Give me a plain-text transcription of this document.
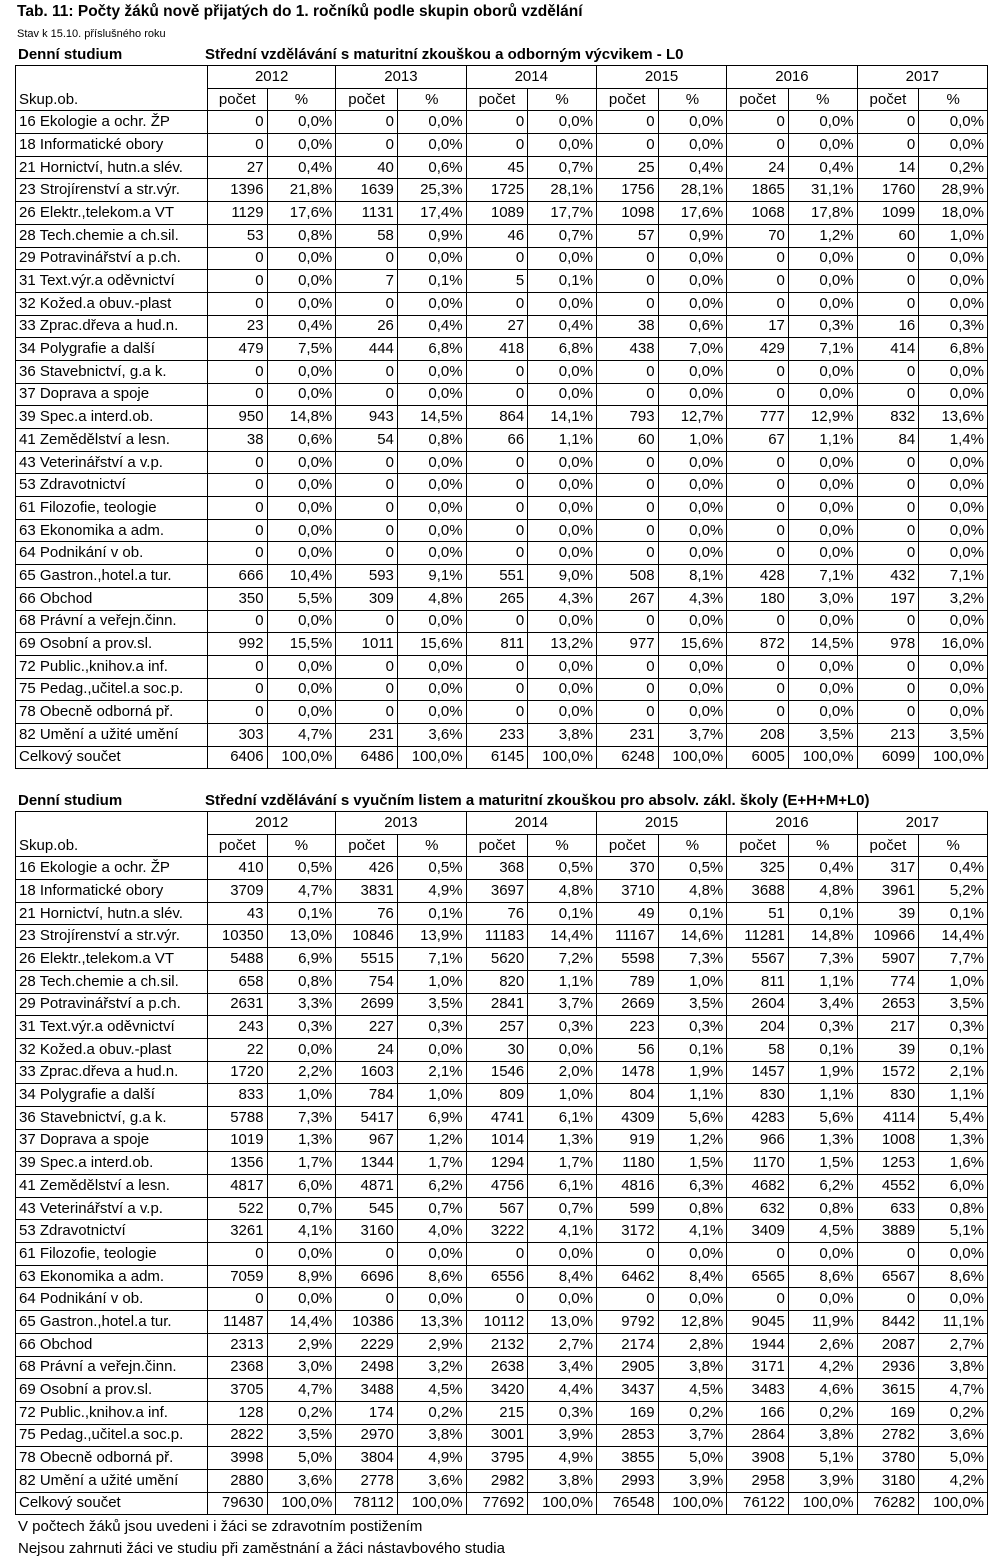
Tab. 11: Počty žáků nově přijatých do 1. ročníků podle skupin oborů vzdělání
Stav k 15.10. příslušného roku
Denní studium	Střední vzdělávání s maturitní zkouškou a odborným výcvikem - L0
Skup.ob.	2012		2013		2014		2015		2016		2017	
	počet	%	počet	%	počet	%	počet	%	počet	%	počet	%
16 Ekologie a ochr. ŽP	0	0,0%	0	0,0%	0	0,0%	0	0,0%	0	0,0%	0	0,0%
18 Informatické obory	0	0,0%	0	0,0%	0	0,0%	0	0,0%	0	0,0%	0	0,0%
21 Hornictví, hutn.a slév.	27	0,4%	40	0,6%	45	0,7%	25	0,4%	24	0,4%	14	0,2%
23 Strojírenství a str.výr.	1396	21,8%	1639	25,3%	1725	28,1%	1756	28,1%	1865	31,1%	1760	28,9%
26 Elektr.,telekom.a VT	1129	17,6%	1131	17,4%	1089	17,7%	1098	17,6%	1068	17,8%	1099	18,0%
28 Tech.chemie a ch.sil.	53	0,8%	58	0,9%	46	0,7%	57	0,9%	70	1,2%	60	1,0%
29 Potravinářství a p.ch.	0	0,0%	0	0,0%	0	0,0%	0	0,0%	0	0,0%	0	0,0%
31 Text.výr.a oděvnictví	0	0,0%	7	0,1%	5	0,1%	0	0,0%	0	0,0%	0	0,0%
32 Kožed.a obuv.-plast	0	0,0%	0	0,0%	0	0,0%	0	0,0%	0	0,0%	0	0,0%
33 Zprac.dřeva a hud.n.	23	0,4%	26	0,4%	27	0,4%	38	0,6%	17	0,3%	16	0,3%
34 Polygrafie a další	479	7,5%	444	6,8%	418	6,8%	438	7,0%	429	7,1%	414	6,8%
36 Stavebnictví, g.a k.	0	0,0%	0	0,0%	0	0,0%	0	0,0%	0	0,0%	0	0,0%
37 Doprava a spoje	0	0,0%	0	0,0%	0	0,0%	0	0,0%	0	0,0%	0	0,0%
39 Spec.a interd.ob.	950	14,8%	943	14,5%	864	14,1%	793	12,7%	777	12,9%	832	13,6%
41 Zemědělství a lesn.	38	0,6%	54	0,8%	66	1,1%	60	1,0%	67	1,1%	84	1,4%
43 Veterinářství a v.p.	0	0,0%	0	0,0%	0	0,0%	0	0,0%	0	0,0%	0	0,0%
53 Zdravotnictví	0	0,0%	0	0,0%	0	0,0%	0	0,0%	0	0,0%	0	0,0%
61 Filozofie, teologie	0	0,0%	0	0,0%	0	0,0%	0	0,0%	0	0,0%	0	0,0%
63 Ekonomika a adm.	0	0,0%	0	0,0%	0	0,0%	0	0,0%	0	0,0%	0	0,0%
64 Podnikání v ob.	0	0,0%	0	0,0%	0	0,0%	0	0,0%	0	0,0%	0	0,0%
65 Gastron.,hotel.a tur.	666	10,4%	593	9,1%	551	9,0%	508	8,1%	428	7,1%	432	7,1%
66 Obchod	350	5,5%	309	4,8%	265	4,3%	267	4,3%	180	3,0%	197	3,2%
68 Právní a veřejn.činn.	0	0,0%	0	0,0%	0	0,0%	0	0,0%	0	0,0%	0	0,0%
69 Osobní a prov.sl.	992	15,5%	1011	15,6%	811	13,2%	977	15,6%	872	14,5%	978	16,0%
72 Public.,knihov.a inf.	0	0,0%	0	0,0%	0	0,0%	0	0,0%	0	0,0%	0	0,0%
75 Pedag.,učitel.a soc.p.	0	0,0%	0	0,0%	0	0,0%	0	0,0%	0	0,0%	0	0,0%
78 Obecně odborná př.	0	0,0%	0	0,0%	0	0,0%	0	0,0%	0	0,0%	0	0,0%
82 Umění a užité umění	303	4,7%	231	3,6%	233	3,8%	231	3,7%	208	3,5%	213	3,5%
Celkový součet	6406	100,0%	6486	100,0%	6145	100,0%	6248	100,0%	6005	100,0%	6099	100,0%
Denní studium	Střední vzdělávání s vyučním listem a maturitní zkouškou pro absolv. zákl. školy (E+H+M+L0)
Skup.ob.	2012		2013		2014		2015		2016		2017	
	počet	%	počet	%	počet	%	počet	%	počet	%	počet	%
16 Ekologie a ochr. ŽP	410	0,5%	426	0,5%	368	0,5%	370	0,5%	325	0,4%	317	0,4%
18 Informatické obory	3709	4,7%	3831	4,9%	3697	4,8%	3710	4,8%	3688	4,8%	3961	5,2%
21 Hornictví, hutn.a slév.	43	0,1%	76	0,1%	76	0,1%	49	0,1%	51	0,1%	39	0,1%
23 Strojírenství a str.výr.	10350	13,0%	10846	13,9%	11183	14,4%	11167	14,6%	11281	14,8%	10966	14,4%
26 Elektr.,telekom.a VT	5488	6,9%	5515	7,1%	5620	7,2%	5598	7,3%	5567	7,3%	5907	7,7%
28 Tech.chemie a ch.sil.	658	0,8%	754	1,0%	820	1,1%	789	1,0%	811	1,1%	774	1,0%
29 Potravinářství a p.ch.	2631	3,3%	2699	3,5%	2841	3,7%	2669	3,5%	2604	3,4%	2653	3,5%
31 Text.výr.a oděvnictví	243	0,3%	227	0,3%	257	0,3%	223	0,3%	204	0,3%	217	0,3%
32 Kožed.a obuv.-plast	22	0,0%	24	0,0%	30	0,0%	56	0,1%	58	0,1%	39	0,1%
33 Zprac.dřeva a hud.n.	1720	2,2%	1603	2,1%	1546	2,0%	1478	1,9%	1457	1,9%	1572	2,1%
34 Polygrafie a další	833	1,0%	784	1,0%	809	1,0%	804	1,1%	830	1,1%	830	1,1%
36 Stavebnictví, g.a k.	5788	7,3%	5417	6,9%	4741	6,1%	4309	5,6%	4283	5,6%	4114	5,4%
37 Doprava a spoje	1019	1,3%	967	1,2%	1014	1,3%	919	1,2%	966	1,3%	1008	1,3%
39 Spec.a interd.ob.	1356	1,7%	1344	1,7%	1294	1,7%	1180	1,5%	1170	1,5%	1253	1,6%
41 Zemědělství a lesn.	4817	6,0%	4871	6,2%	4756	6,1%	4816	6,3%	4682	6,2%	4552	6,0%
43 Veterinářství a v.p.	522	0,7%	545	0,7%	567	0,7%	599	0,8%	632	0,8%	633	0,8%
53 Zdravotnictví	3261	4,1%	3160	4,0%	3222	4,1%	3172	4,1%	3409	4,5%	3889	5,1%
61 Filozofie, teologie	0	0,0%	0	0,0%	0	0,0%	0	0,0%	0	0,0%	0	0,0%
63 Ekonomika a adm.	7059	8,9%	6696	8,6%	6556	8,4%	6462	8,4%	6565	8,6%	6567	8,6%
64 Podnikání v ob.	0	0,0%	0	0,0%	0	0,0%	0	0,0%	0	0,0%	0	0,0%
65 Gastron.,hotel.a tur.	11487	14,4%	10386	13,3%	10112	13,0%	9792	12,8%	9045	11,9%	8442	11,1%
66 Obchod	2313	2,9%	2229	2,9%	2132	2,7%	2174	2,8%	1944	2,6%	2087	2,7%
68 Právní a veřejn.činn.	2368	3,0%	2498	3,2%	2638	3,4%	2905	3,8%	3171	4,2%	2936	3,8%
69 Osobní a prov.sl.	3705	4,7%	3488	4,5%	3420	4,4%	3437	4,5%	3483	4,6%	3615	4,7%
72 Public.,knihov.a inf.	128	0,2%	174	0,2%	215	0,3%	169	0,2%	166	0,2%	169	0,2%
75 Pedag.,učitel.a soc.p.	2822	3,5%	2970	3,8%	3001	3,9%	2853	3,7%	2864	3,8%	2782	3,6%
78 Obecně odborná př.	3998	5,0%	3804	4,9%	3795	4,9%	3855	5,0%	3908	5,1%	3780	5,0%
82 Umění a užité umění	2880	3,6%	2778	3,6%	2982	3,8%	2993	3,9%	2958	3,9%	3180	4,2%
Celkový součet	79630	100,0%	78112	100,0%	77692	100,0%	76548	100,0%	76122	100,0%	76282	100,0%
V počtech žáků jsou uvedeni i žáci se zdravotním postižením
Nejsou zahrnuti žáci ve studiu při zaměstnání a žáci nástavbového studia
